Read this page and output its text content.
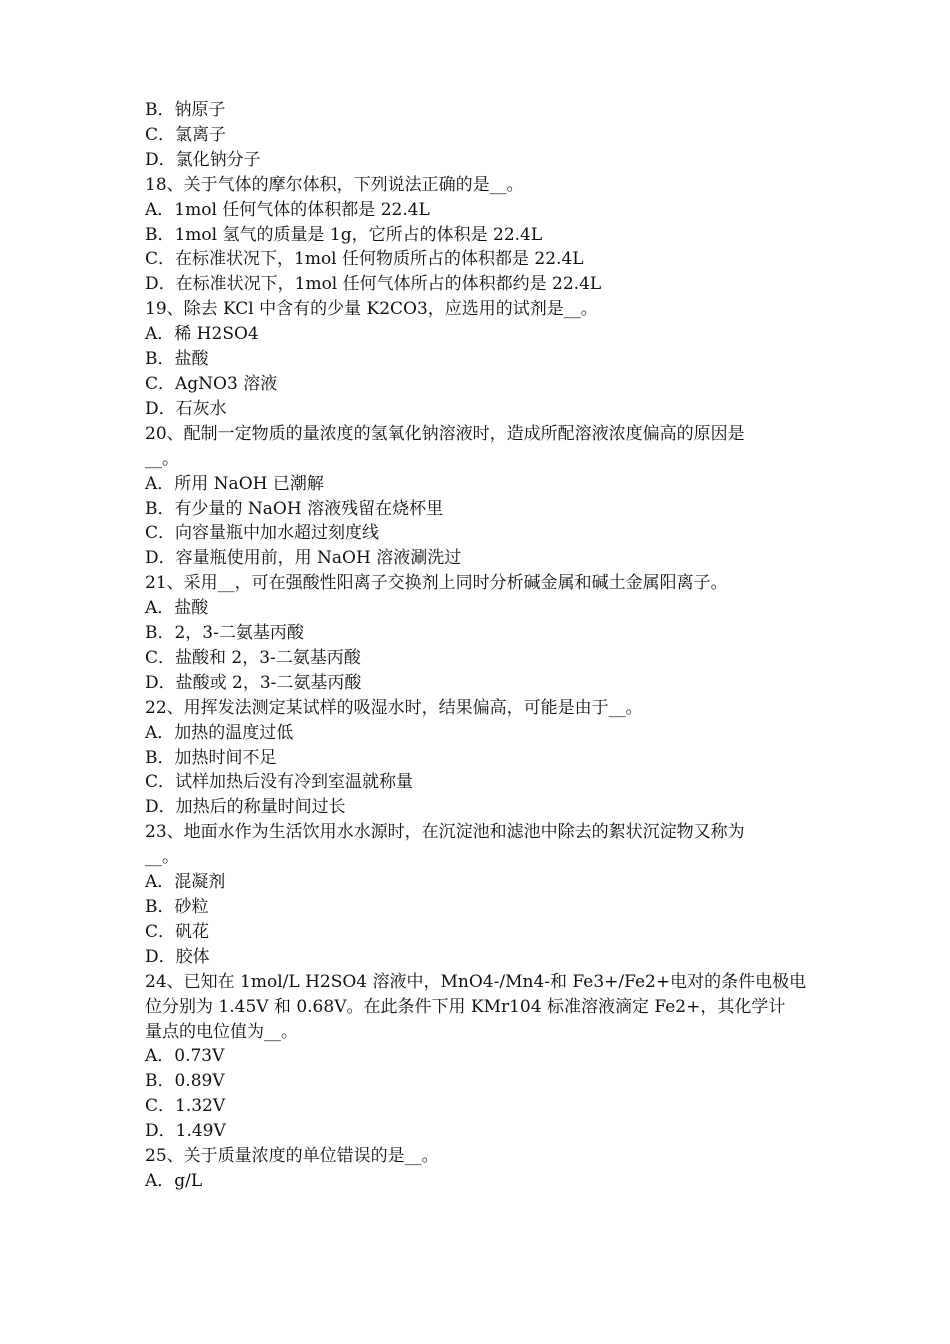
B．钠原子

C．氯离子

D．氯化钠分子

18、关于气体的摩尔体积，下列说法正确的是__。

A．1mol 任何气体的体积都是 22.4L

B．1mol 氢气的质量是 1g，它所占的体积是 22.4L

C．在标准状况下，1mol 任何物质所占的体积都是 22.4L

D．在标准状况下，1mol 任何气体所占的体积都约是 22.4L

19、除去 KCl 中含有的少量 K2CO3，应选用的试剂是__。

A．稀 H2SO4

B．盐酸

C．AgNO3 溶液

D．石灰水

20、配制一定物质的量浓度的氢氧化钠溶液时，造成所配溶液浓度偏高的原因是

__。

A．所用 NaOH 已潮解

B．有少量的 NaOH 溶液残留在烧杯里

C．向容量瓶中加水超过刻度线

D．容量瓶使用前，用 NaOH 溶液涮洗过

21、采用__，可在强酸性阳离子交换剂上同时分析碱金属和碱土金属阳离子。

A．盐酸

B．2，3-二氨基丙酸

C．盐酸和 2，3-二氨基丙酸

D．盐酸或 2，3-二氨基丙酸

22、用挥发法测定某试样的吸湿水时，结果偏高，可能是由于__。

A．加热的温度过低

B．加热时间不足

C．试样加热后没有冷到室温就称量

D．加热后的称量时间过长

23、地面水作为生活饮用水水源时，在沉淀池和滤池中除去的絮状沉淀物又称为

__。

A．混凝剂

B．砂粒

C．矾花

D．胶体

24、已知在 1mol/L H2SO4 溶液中，MnO4-/Mn4-和 Fe3+/Fe2+电对的条件电极电

位分别为 1.45V 和 0.68V。在此条件下用 KMr104 标准溶液滴定 Fe2+，其化学计

量点的电位值为__。

A．0.73V

B．0.89V

C．1.32V

D．1.49V

25、关于质量浓度的单位错误的是__。

A．g/L
